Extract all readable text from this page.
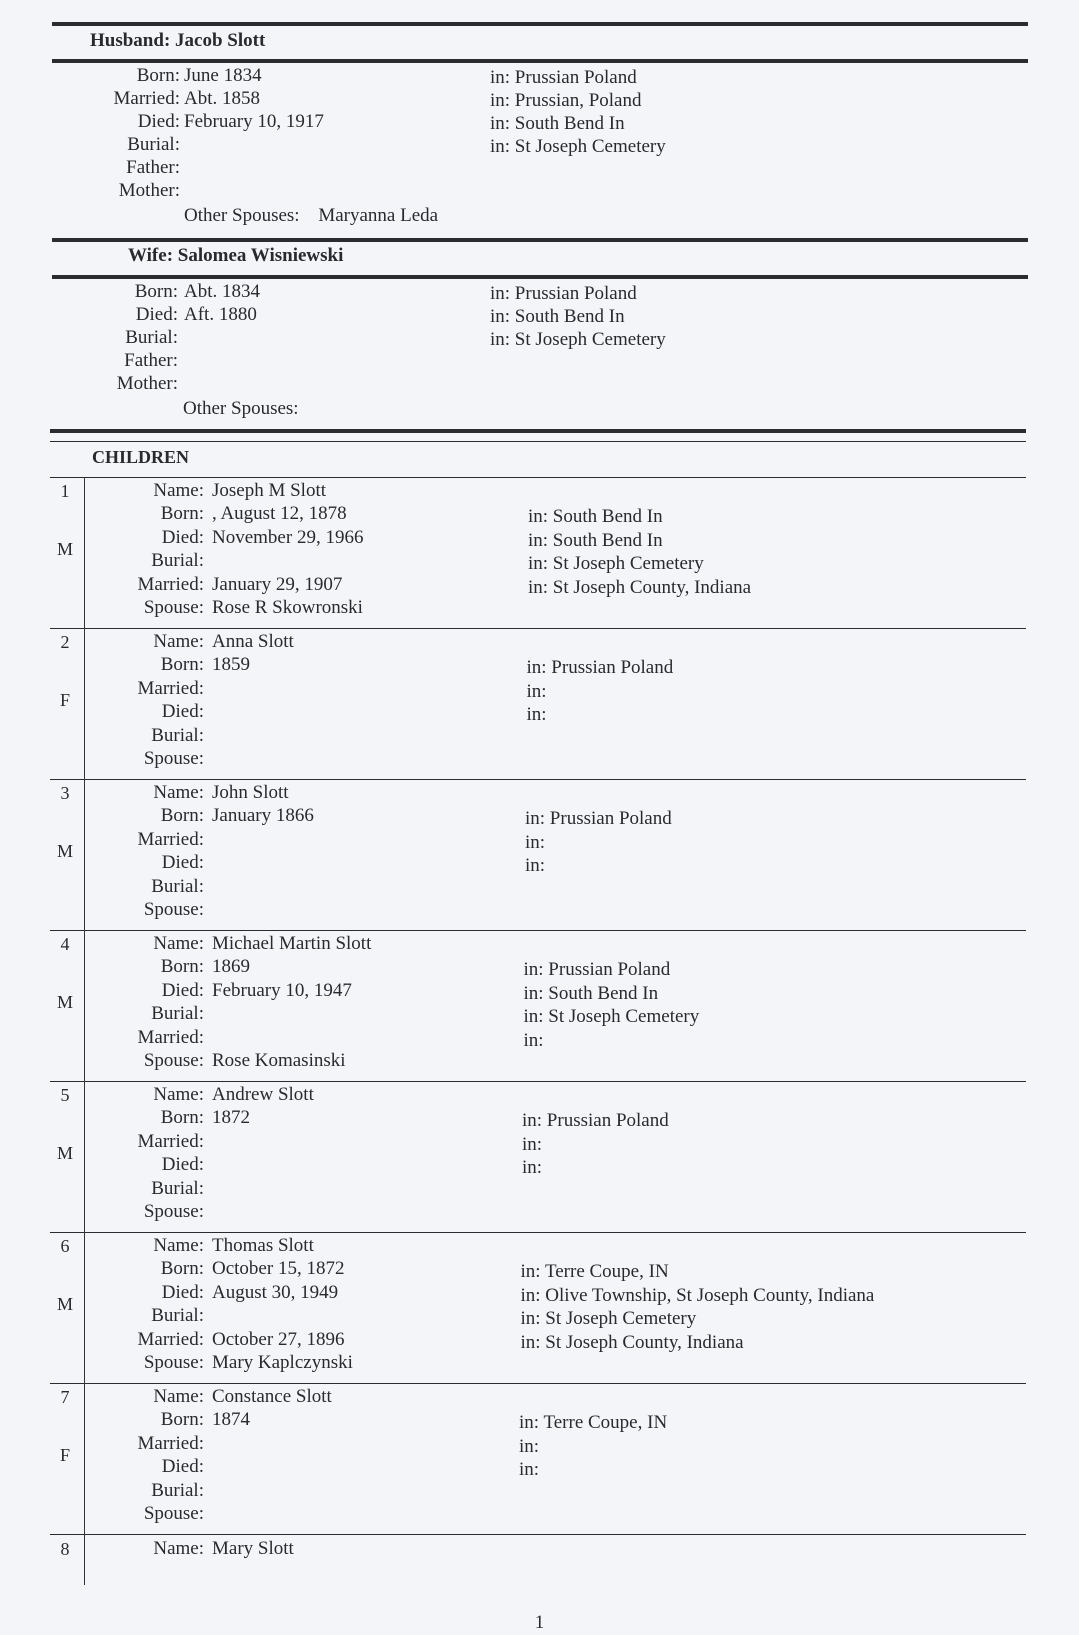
Husband: Jacob Slott
Born: June 1834	in: Prussian Poland
Married: Abt. 1858	in: Prussian, Poland
Died: February 10, 1917	in: South Bend In
Burial:	in: St Joseph Cemetery
Father:
Mother:
Other Spouses: Maryanna Leda
Wife: Salomea Wisniewski
Born: Abt. 1834	in: Prussian Poland
Died: Aft. 1880	in: South Bend In
Burial:	in: St Joseph Cemetery
Father:
Mother:
Other Spouses:
CHILDREN
1
M
Name: Joseph M Slott
Born: , August 12, 1878	in: South Bend In
Died: November 29, 1966	in: South Bend In
Burial:	in: St Joseph Cemetery
Married: January 29, 1907	in: St Joseph County, Indiana
Spouse: Rose R Skowronski
2
F
Name: Anna Slott
Born: 1859	in: Prussian Poland
Married:	in:
Died:	in:
Burial:
Spouse:
3
M
Name: John Slott
Born: January 1866	in: Prussian Poland
Married:	in:
Died:	in:
Burial:
Spouse:
4
M
Name: Michael Martin Slott
Born: 1869	in: Prussian Poland
Died: February 10, 1947	in: South Bend In
Burial:	in: St Joseph Cemetery
Married:	in:
Spouse: Rose Komasinski
5
M
Name: Andrew Slott
Born: 1872	in: Prussian Poland
Married:	in:
Died:	in:
Burial:
Spouse:
6
M
Name: Thomas Slott
Born: October 15, 1872	in: Terre Coupe, IN
Died: August 30, 1949	in: Olive Township, St Joseph County, Indiana
Burial:	in: St Joseph Cemetery
Married: October 27, 1896	in: St Joseph County, Indiana
Spouse: Mary Kaplczynski
7
F
Name: Constance Slott
Born: 1874	in: Terre Coupe, IN
Married:	in:
Died:	in:
Burial:
Spouse:
8	Name: Mary Slott
1
